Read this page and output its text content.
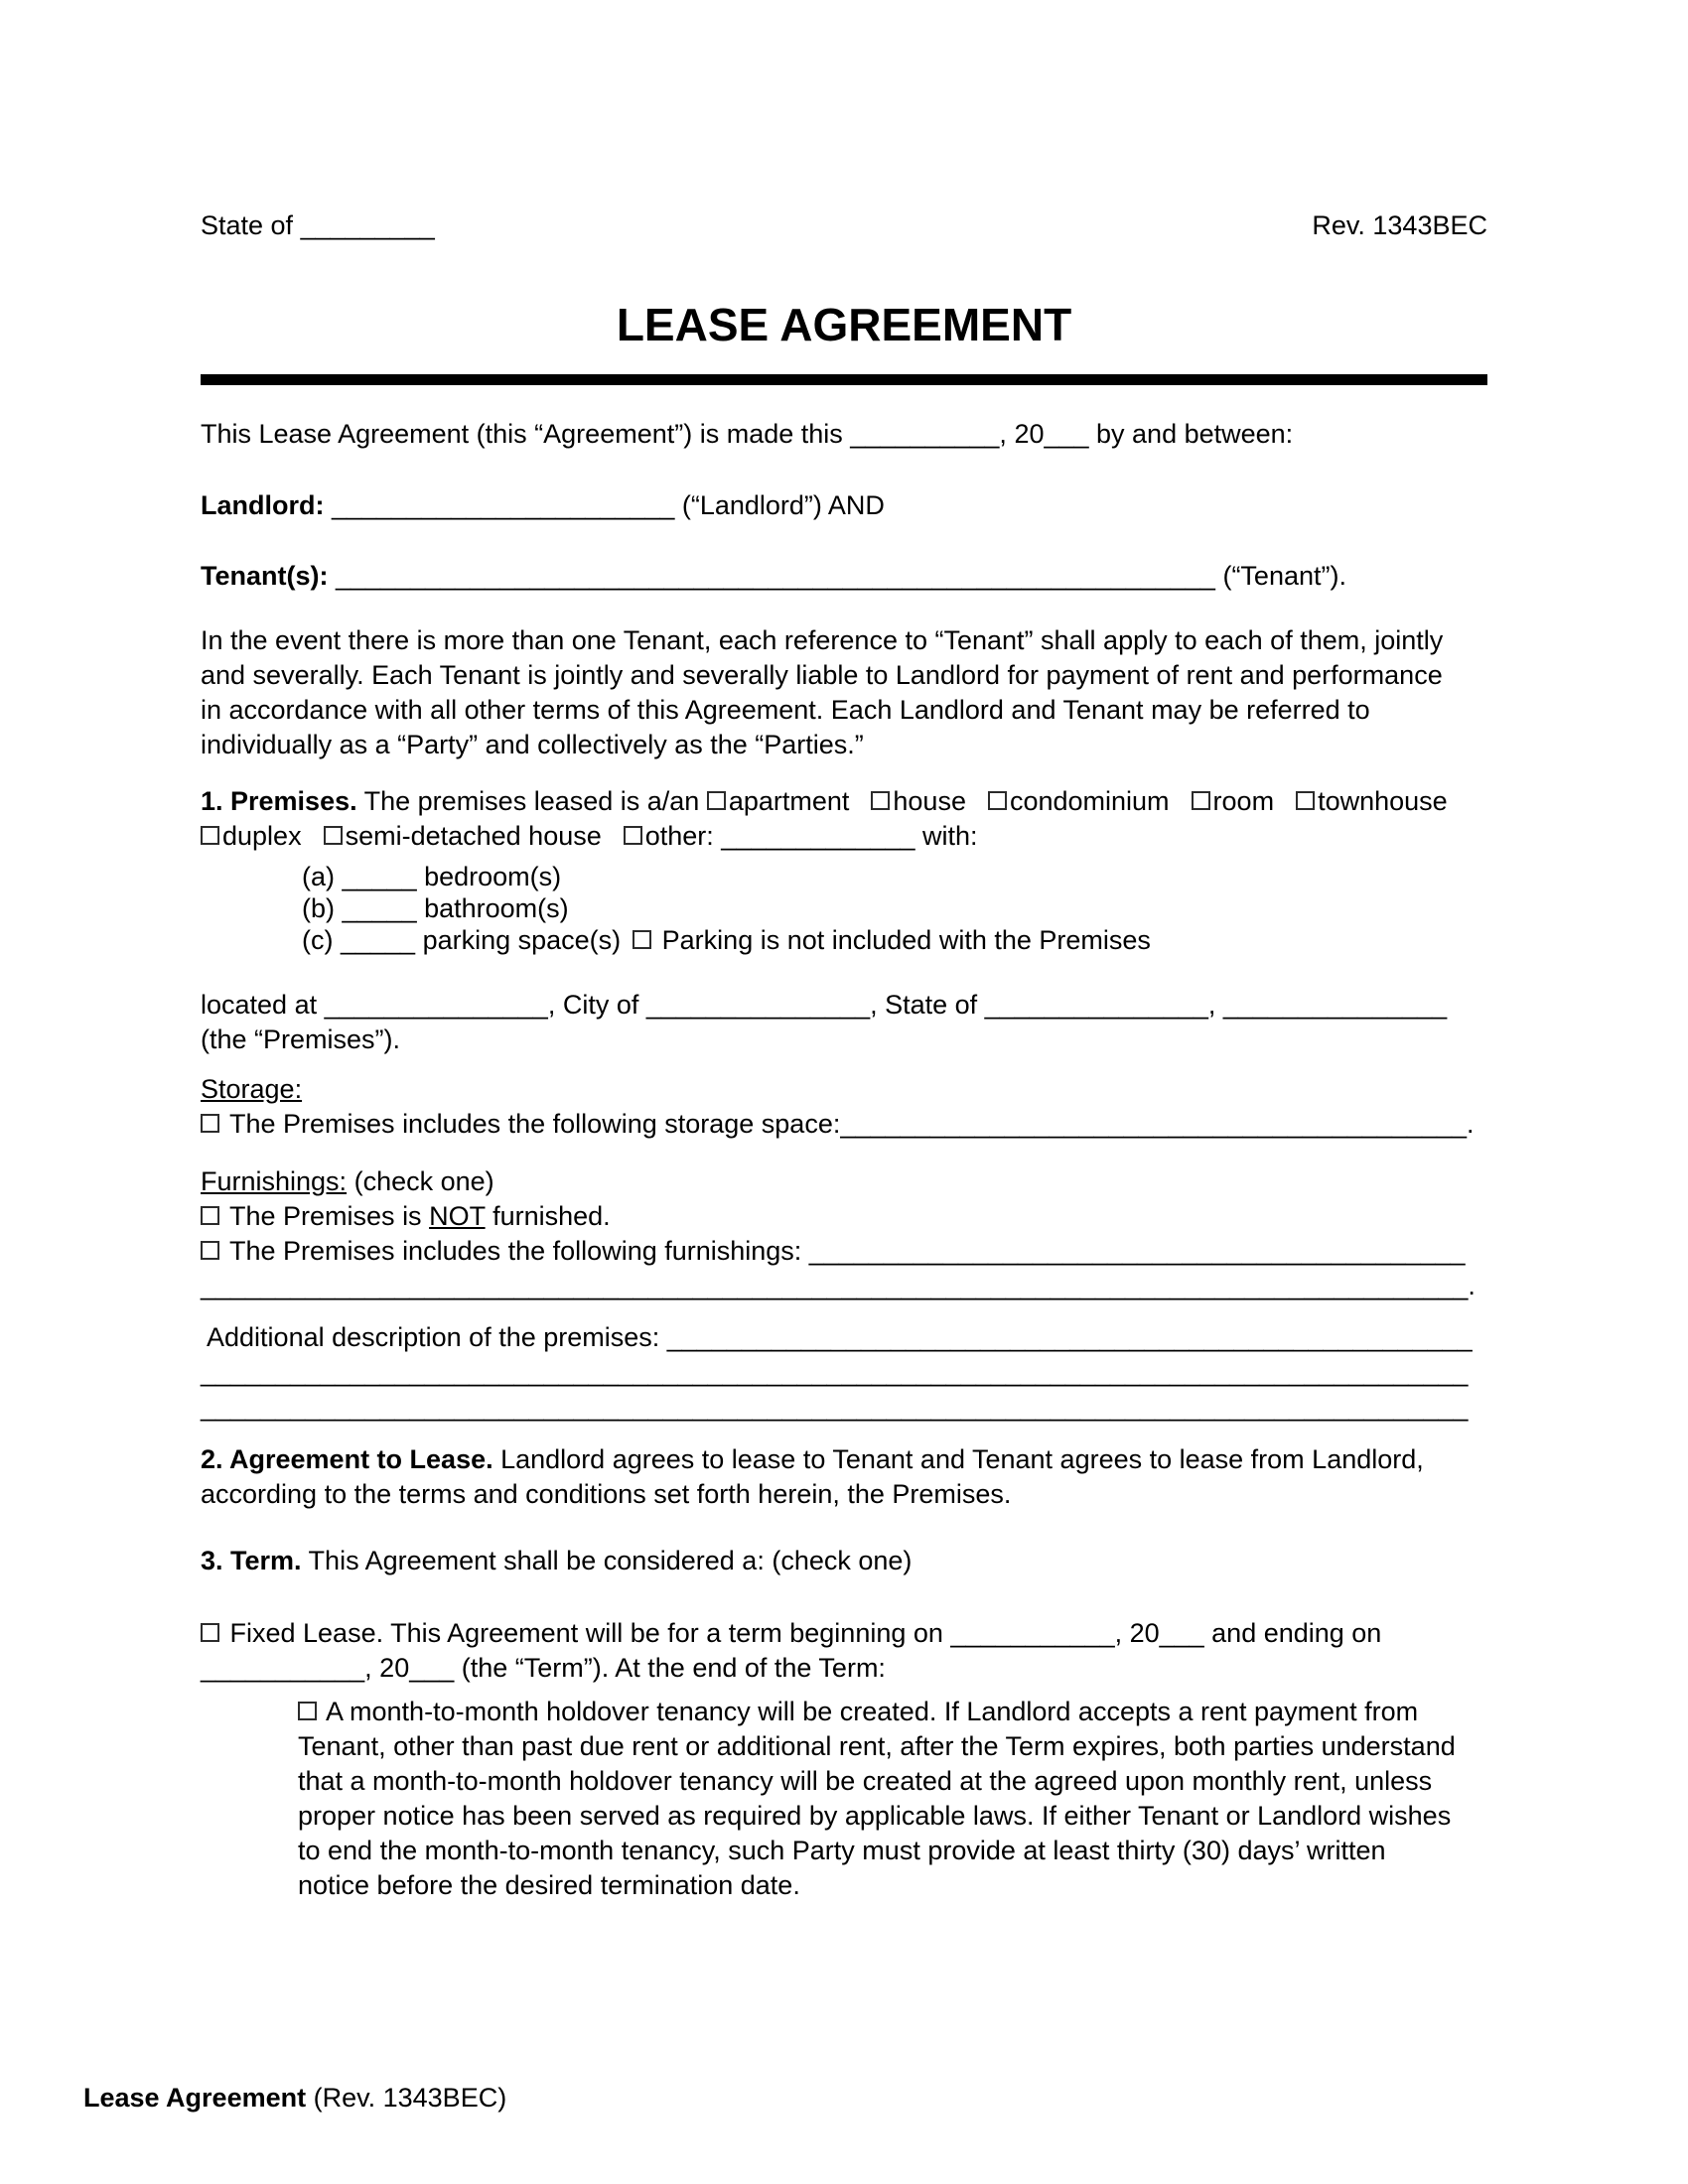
State of _________	Rev. 1343BEC
LEASE AGREEMENT
This Lease Agreement (this “Agreement”) is made this __________, 20___ by and between:
Landlord: _______________________ (“Landlord”) AND
Tenant(s): ___________________________________________________________ (“Tenant”).
In the event there is more than one Tenant, each reference to “Tenant” shall apply to each of them, jointly
and severally. Each Tenant is jointly and severally liable to Landlord for payment of rent and performance
in accordance with all other terms of this Agreement. Each Landlord and Tenant may be referred to
individually as a “Party” and collectively as the “Parties.”
1. Premises. The premises leased is a/an apartment house condominium room townhouse
duplex semi-detached house other: _____________ with:
(a) _____ bedroom(s)
(b) _____ bathroom(s)
(c) _____ parking space(s) Parking is not included with the Premises
located at _______________, City of _______________, State of _______________, _______________
(the “Premises”).
Storage:
The Premises includes the following storage space:__________________________________________.
Furnishings: (check one)
The Premises is NOT furnished.
The Premises includes the following furnishings: ____________________________________________
_____________________________________________________________________________________.
Additional description of the premises: ______________________________________________________
_____________________________________________________________________________________
_____________________________________________________________________________________
2. Agreement to Lease. Landlord agrees to lease to Tenant and Tenant agrees to lease from Landlord,
according to the terms and conditions set forth herein, the Premises.
3. Term. This Agreement shall be considered a: (check one)
Fixed Lease. This Agreement will be for a term beginning on ___________, 20___ and ending on
___________, 20___ (the “Term”). At the end of the Term:
A month-to-month holdover tenancy will be created. If Landlord accepts a rent payment from
Tenant, other than past due rent or additional rent, after the Term expires, both parties understand
that a month-to-month holdover tenancy will be created at the agreed upon monthly rent, unless
proper notice has been served as required by applicable laws. If either Tenant or Landlord wishes
to end the month-to-month tenancy, such Party must provide at least thirty (30) days’ written
notice before the desired termination date.
Lease Agreement (Rev. 1343BEC)
